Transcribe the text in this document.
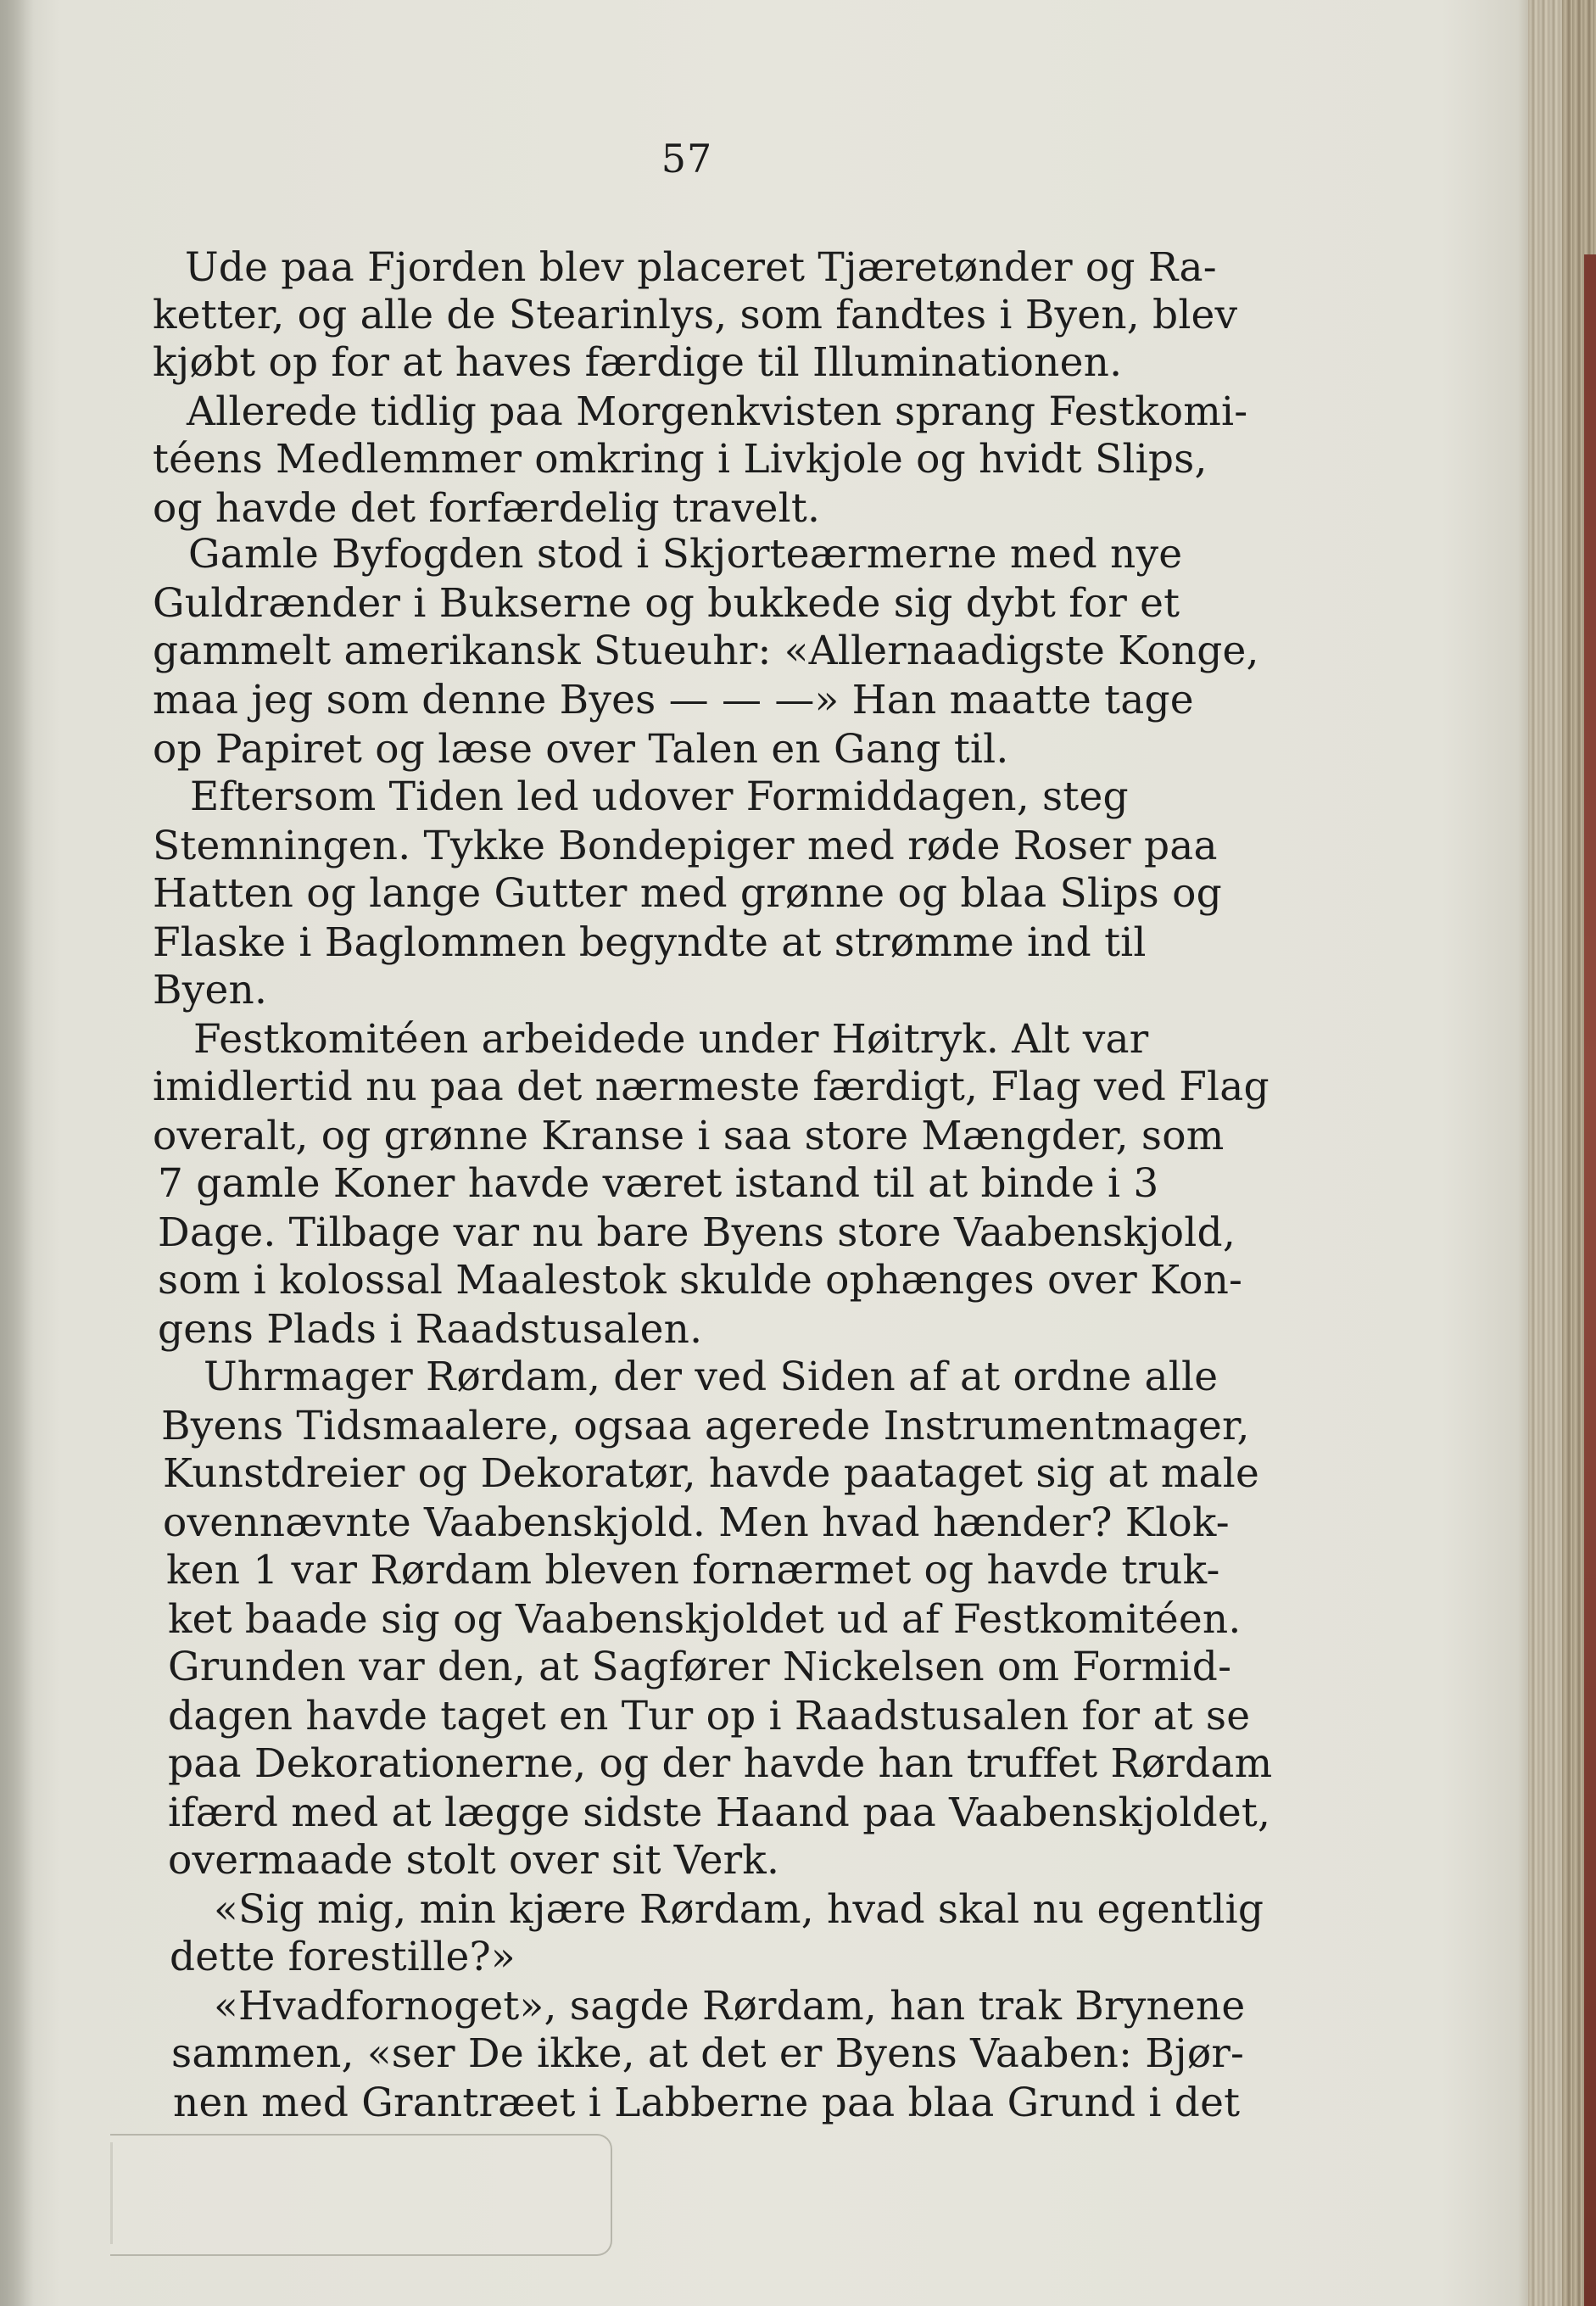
57
Ude paa Fjorden blev placeret Tjæretønder og Ra-
ketter, og alle de Stearinlys, som fandtes i Byen, blev
kjøbt op for at haves færdige til Illuminationen.
Allerede tidlig paa Morgenkvisten sprang Festkomi-
téens Medlemmer omkring i Livkjole og hvidt Slips,
og havde det forfærdelig travelt.
Gamle Byfogden stod i Skjorteærmerne med nye
Guldrænder i Bukserne og bukkede sig dybt for et
gammelt amerikansk Stueuhr: «Allernaadigste Konge,
maa jeg som denne Byes — — —» Han maatte tage
op Papiret og læse over Talen en Gang til.
Eftersom Tiden led udover Formiddagen, steg
Stemningen. Tykke Bondepiger med røde Roser paa
Hatten og lange Gutter med grønne og blaa Slips og
Flaske i Baglommen begyndte at strømme ind til
Byen.
Festkomitéen arbeidede under Høitryk. Alt var
imidlertid nu paa det nærmeste færdigt, Flag ved Flag
overalt, og grønne Kranse i saa store Mængder, som
7 gamle Koner havde været istand til at binde i 3
Dage. Tilbage var nu bare Byens store Vaabenskjold,
som i kolossal Maalestok skulde ophænges over Kon-
gens Plads i Raadstusalen.
Uhrmager Rørdam, der ved Siden af at ordne alle
Byens Tidsmaalere, ogsaa agerede Instrumentmager,
Kunstdreier og Dekoratør, havde paataget sig at male
ovennævnte Vaabenskjold. Men hvad hænder? Klok-
ken 1 var Rørdam bleven fornærmet og havde truk-
ket baade sig og Vaabenskjoldet ud af Festkomitéen.
Grunden var den, at Sagfører Nickelsen om Formid-
dagen havde taget en Tur op i Raadstusalen for at se
paa Dekorationerne, og der havde han truffet Rørdam
ifærd med at lægge sidste Haand paa Vaabenskjoldet,
overmaade stolt over sit Verk.
«Sig mig, min kjære Rørdam, hvad skal nu egentlig
dette forestille?»
«Hvadfornoget», sagde Rørdam, han trak Brynene
sammen, «ser De ikke, at det er Byens Vaaben: Bjør-
nen med Grantræet i Labberne paa blaa Grund i det
